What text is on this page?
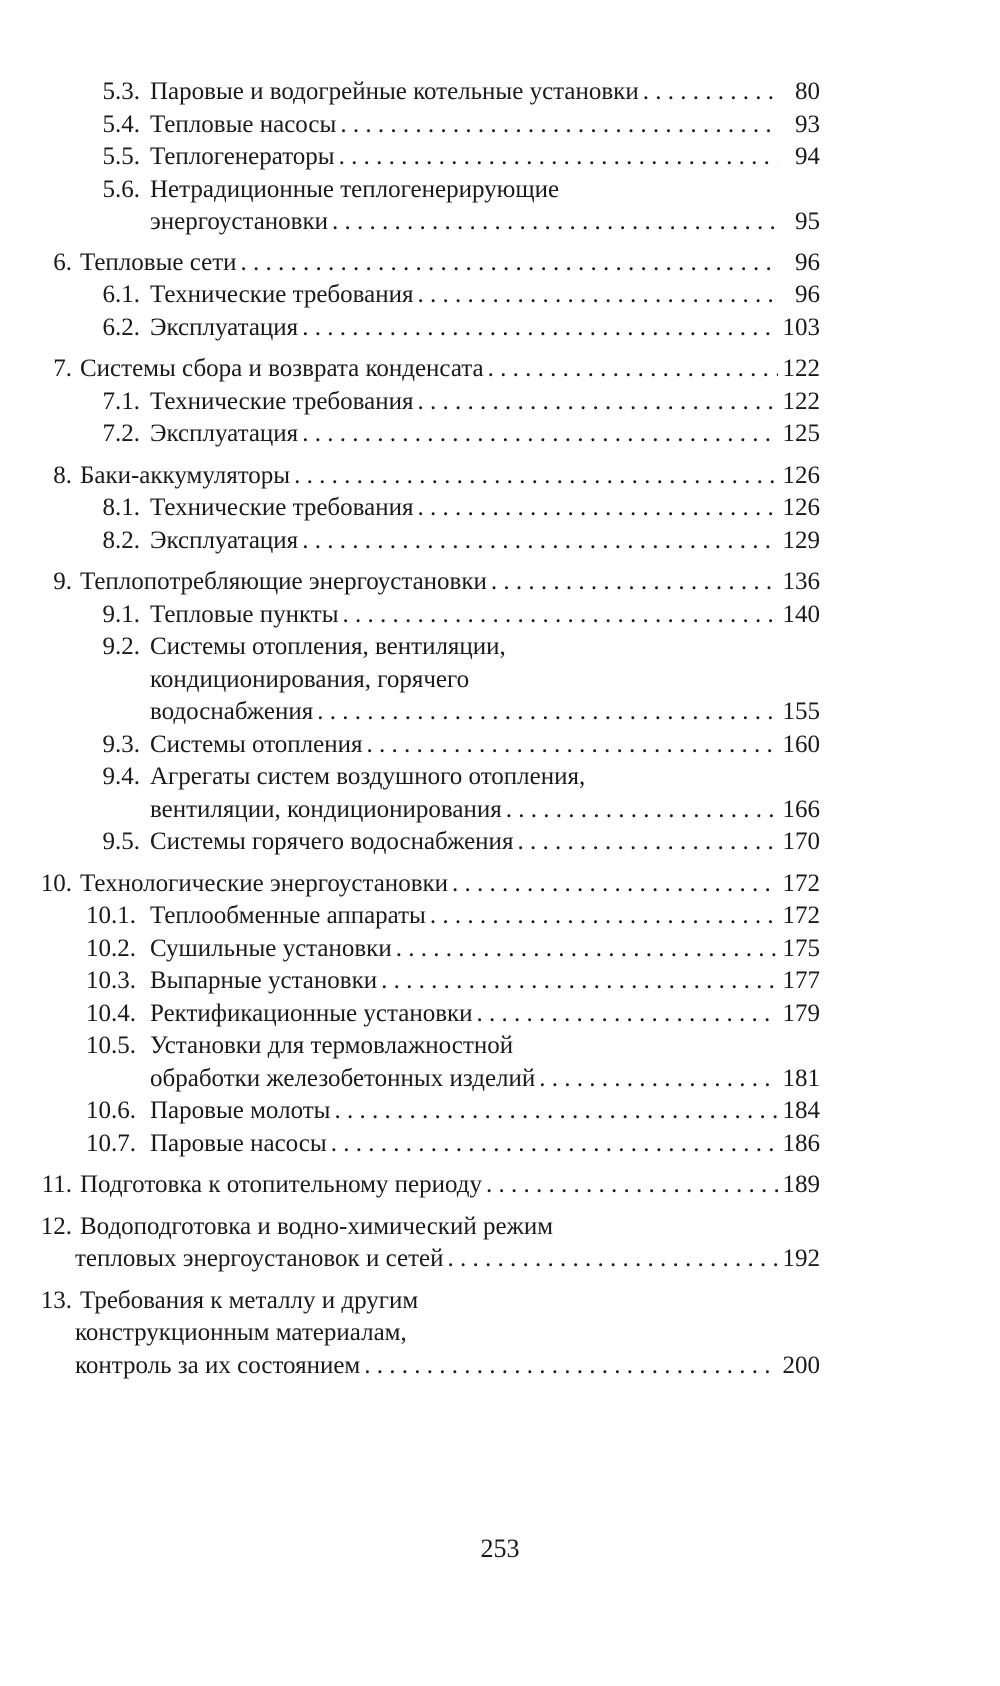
5.3. Паровые и водогрейные котельные установки . . .	80
5.4. Тепловые насосы . . .	93
5.5. Теплогенераторы . . .	94
5.6. Нетрадиционные теплогенерирующие
энергоустановки . . .	95
6. Тепловые сети . . .	96
6.1. Технические требования . . .	96
6.2. Эксплуатация . . .	103
7. Системы сбора и возврата конденсата . . .	122
7.1. Технические требования . . .	122
7.2. Эксплуатация . . .	125
8. Баки-аккумуляторы . . .	126
8.1. Технические требования . . .	126
8.2. Эксплуатация . . .	129
9. Теплопотребляющие энергоустановки . . .	136
9.1. Тепловые пункты . . .	140
9.2. Системы отопления, вентиляции,
кондиционирования, горячего
водоснабжения . . .	155
9.3. Системы отопления . . .	160
9.4. Агрегаты систем воздушного отопления,
вентиляции, кондиционирования . . .	166
9.5. Системы горячего водоснабжения . . .	170
10. Технологические энергоустановки . . .	172
10.1. Теплообменные аппараты . . .	172
10.2. Сушильные установки . . .	175
10.3. Выпарные установки . . .	177
10.4. Ректификационные установки . . .	179
10.5. Установки для термовлажностной
обработки железобетонных изделий . . .	181
10.6. Паровые молоты . . .	184
10.7. Паровые насосы . . .	186
11. Подготовка к отопительному периоду . . .	189
12. Водоподготовка и водно-химический режим
тепловых энергоустановок и сетей . . .	192
13. Требования к металлу и другим
конструкционным материалам,
контроль за их состоянием . . .	200
253
